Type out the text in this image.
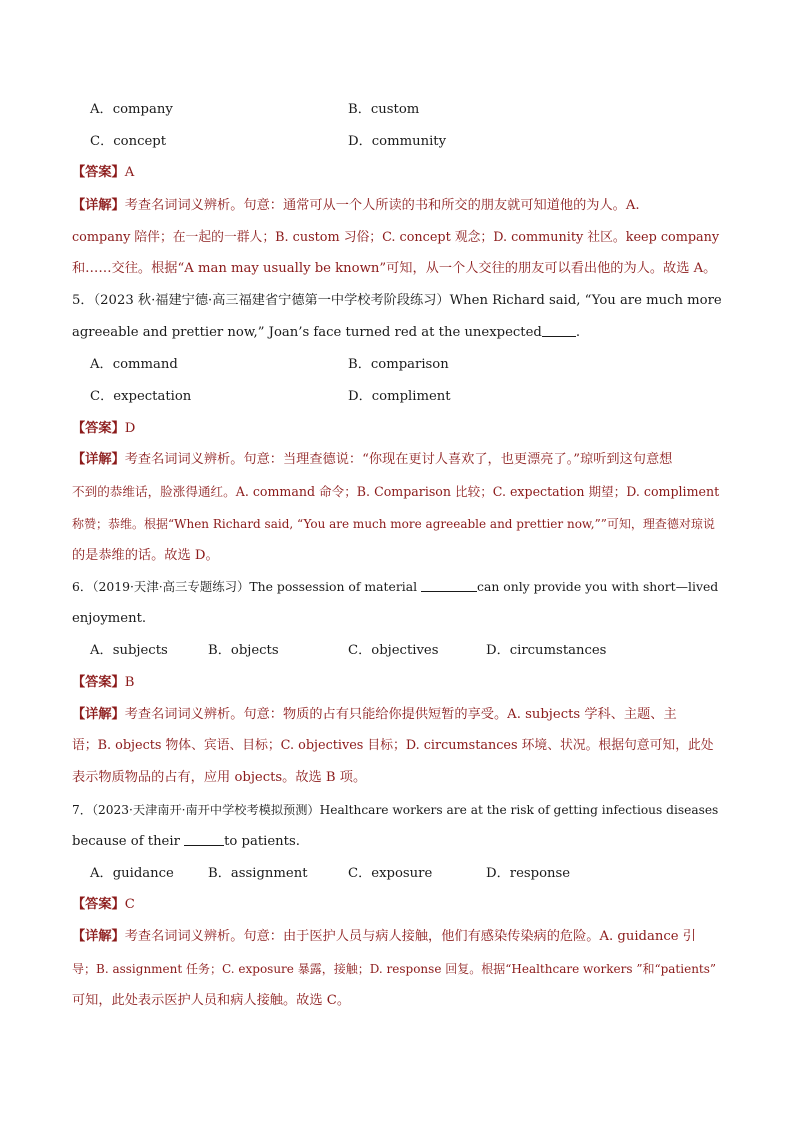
A．company	B．custom
C．concept	D．community
【答案】A
【详解】考查名词词义辨析。句意：通常可从一个人所读的书和所交的朋友就可知道他的为人。A.
company 陪伴；在一起的一群人；B. custom 习俗；C. concept 观念；D. community 社区。keep company
和……交往。根据“A man may usually be known”可知，从一个人交往的朋友可以看出他的为人。故选 A。
5．（2023 秋·福建宁德·高三福建省宁德第一中学校考阶段练习）When Richard said, “You are much more
agreeable and prettier now,” Joan’s face turned red at the unexpected	.
A．command	B．comparison
C．expectation	D．compliment
【答案】D
【详解】考查名词词义辨析。句意：当理查德说：“你现在更讨人喜欢了，也更漂亮了。”琼听到这句意想
不到的恭维话，脸涨得通红。A. command 命令；B. Comparison 比较；C. expectation 期望；D. compliment
称赞；恭维。根据“When Richard said, “You are much more agreeable and prettier now,””可知，理查德对琼说
的是恭维的话。故选 D。
6．（2019·天津·高三专题练习）The possession of material	can only provide you with short—lived
enjoyment.
A．subjects	B．objects	C．objectives	D．circumstances
【答案】B
【详解】考查名词词义辨析。句意：物质的占有只能给你提供短暂的享受。A. subjects 学科、主题、主
语；B. objects 物体、宾语、目标；C. objectives 目标；D. circumstances 环境、状况。根据句意可知，此处
表示物质物品的占有，应用 objects。故选 B 项。
7．（2023·天津南开·南开中学校考模拟预测）Healthcare workers are at the risk of getting infectious diseases
because of their	to patients.
A．guidance	B．assignment	C．exposure	D．response
【答案】C
【详解】考查名词词义辨析。句意：由于医护人员与病人接触，他们有感染传染病的危险。A. guidance 引
导；B. assignment 任务；C. exposure 暴露，接触；D. response 回复。根据“Healthcare workers ”和“patients”
可知，此处表示医护人员和病人接触。故选 C。
